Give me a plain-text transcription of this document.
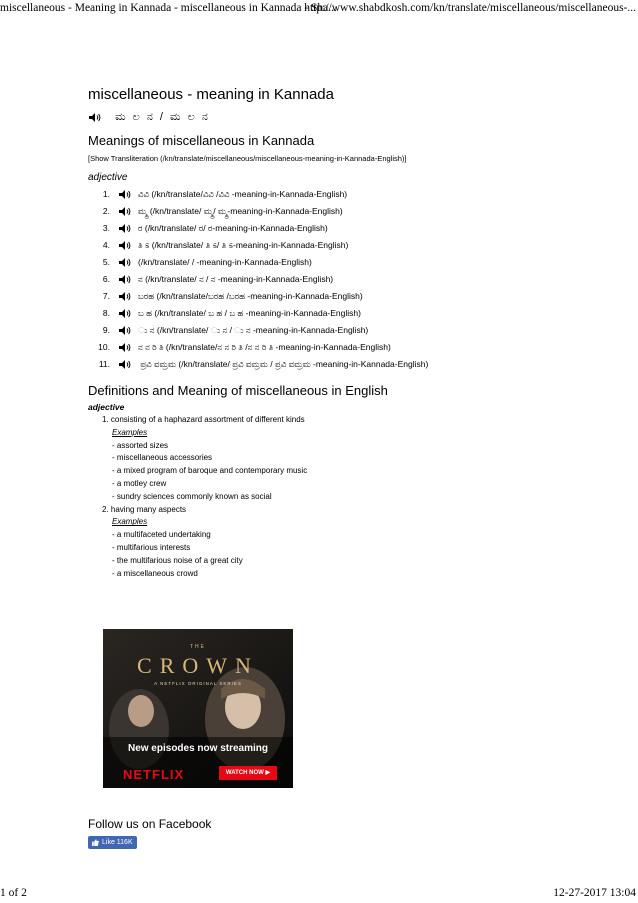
miscellaneous - Meaning in Kannada - miscellaneous in Kannada - Sha...
http://www.shabdkosh.com/kn/translate/miscellaneous/miscellaneous-...
miscellaneous - meaning in Kannada
ಮ ಲ ನ / ಮ ಲ ನ
Meanings of miscellaneous in Kannada
[Show Transliteration (/kn/translate/miscellaneous/miscellaneous-meaning-in-Kannada-English)]
adjective
1.	ವಿವಿ (/kn/translate/ವಿವಿ /ವಿವಿ -meaning-in-Kannada-English)
2.	ಮ್ಮ್ರ (/kn/translate/ ಮ್ಮ್ರ/ ಮ್ಮ್ರ-meaning-in-Kannada-English)
3.	ರ (/kn/translate/ ರ/ ರ-meaning-in-Kannada-English)
4.	ತಿ ಽ (/kn/translate/ ತಿ ಽ/ ತಿ ಽ-meaning-in-Kannada-English)
5.	(/kn/translate/ / -meaning-in-Kannada-English)
6.	ನ (/kn/translate/ ನ / ನ -meaning-in-Kannada-English)
7.	ಬರಹ (/kn/translate/ಬರಹ /ಬರಹ -meaning-in-Kannada-English)
8.	ಬ ಹ (/kn/translate/ ಬ ಹ / ಬ ಹ -meaning-in-Kannada-English)
9.	ು ನ (/kn/translate/ ು ನ / ು ನ -meaning-in-Kannada-English)
10.	ನ ನ ರಿ ತಿ (/kn/translate/ನ ನ ರಿ ತಿ /ನ ನ ರಿ ತಿ -meaning-in-Kannada-English)
11.	ಪ್ರವಿ ವಮ್ರಮ (/kn/translate/ ಪ್ರವಿ ವಮ್ರಮ / ಪ್ರವಿ ವಮ್ರಮ -meaning-in-Kannada-English)
Definitions and Meaning of miscellaneous in English
adjective
1. consisting of a haphazard assortment of different kinds
Examples
- assorted sizes
- miscellaneous accessories
- a mixed program of baroque and contemporary music
- a motley crew
- sundry sciences commonly known as social
2. having many aspects
Examples
- a multifaceted undertaking
- multifarious interests
- the multifarious noise of a great city
- a miscellaneous crowd
THE
CROWN
A NETFLIX ORIGINAL SERIES
New episodes now streaming
NETFLIX	WATCH NOW ▶
Follow us on Facebook
Like 116K
1 of 2	12-27-2017 13:04
